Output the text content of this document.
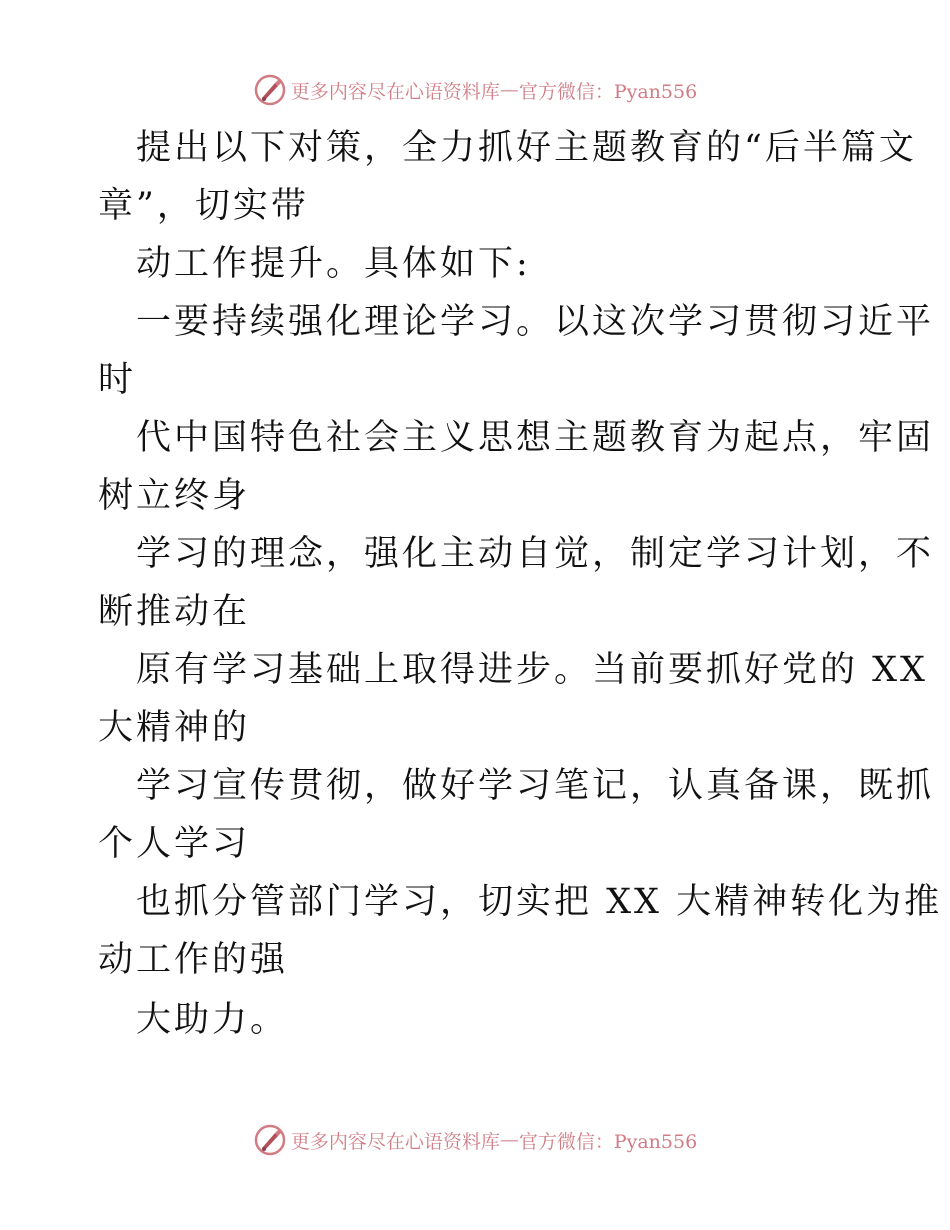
更多内容尽在心语资料库 — 官方微信：Pyan556
提出以下对策，全力抓好主题教育的“后半篇文
章”，切实带
动工作提升。具体如下:
一要持续强化理论学习。以这次学习贯彻习近平
时
代中国特色社会主义思想主题教育为起点，牢固
树立终身
学习的理念，强化主动自觉，制定学习计划，不
断推动在
原有学习基础上取得进步。当前要抓好党的 XX
大精神的
学习宣传贯彻，做好学习笔记，认真备课，既抓
个人学习
也抓分管部门学习，切实把 XX 大精神转化为推
动工作的强
大助力。
更多内容尽在心语资料库 — 官方微信：Pyan556
